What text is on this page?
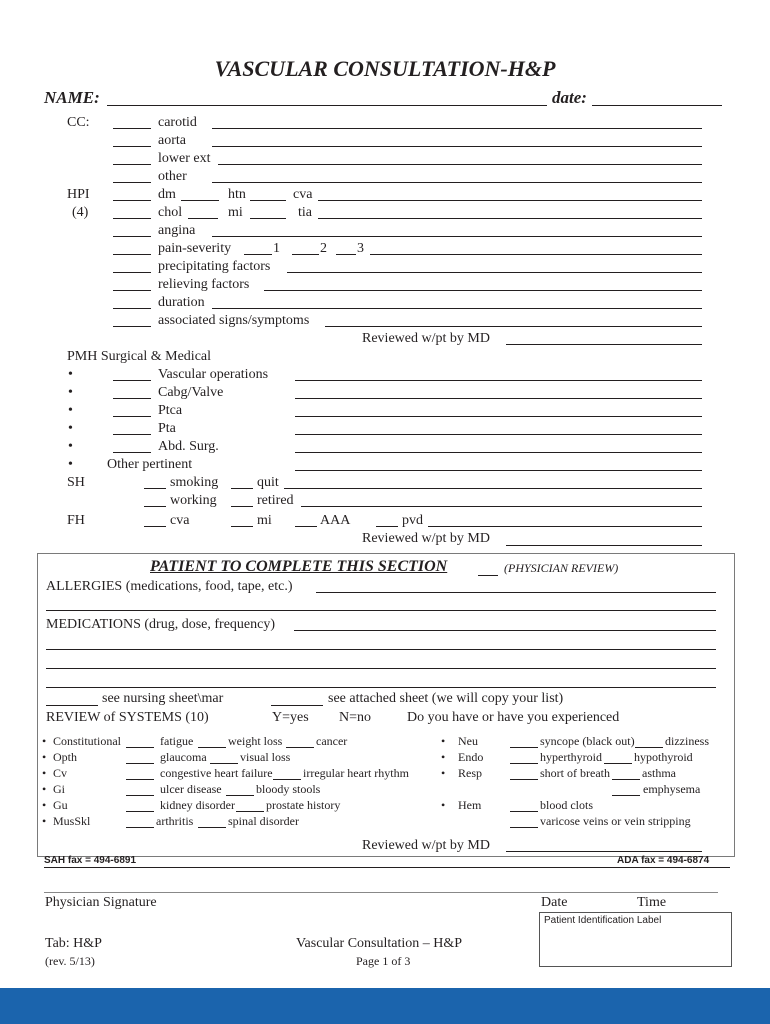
VASCULAR CONSULTATION-H&P
NAME:	date:
CC:	carotid
aorta
lower ext
other
HPI
(4)
dm	htn	cva
chol	mi	tia
angina
pain-severity	1	2 3
precipitating factors
relieving factors
duration
associated signs/symptoms
Reviewed w/pt by MD
PMH Surgical & Medical
•	Vascular operations
•	Cabg/Valve
•	Ptca
•	Pta
•	Abd. Surg.
• Other pertinent
SH	smoking	quit
working	retired
FH	cva	mi	AAA	pvd
Reviewed w/pt by MD
PATIENT TO COMPLETE THIS SECTION	(PHYSICIAN REVIEW)
ALLERGIES (medications, food, tape, etc.)
MEDICATIONS (drug, dose, frequency)
see nursing sheet\mar	see attached sheet (we will copy your list)
REVIEW of SYSTEMS (10)	Y=yes N=no	Do you have or have you experienced
• Constitutional	fatigue	weight loss	cancer
• Opth	glaucoma	visual loss
• Cv	congestive heart failure	irregular heart rhythm
• Gi	ulcer disease	bloody stools
• Gu	kidney disorder	prostate history
• MusSkl	arthritis	spinal disorder
• Neu	syncope (black out)	dizziness
• Endo	hyperthyroid	hypothyroid
• Resp	short of breath	asthma
emphysema
• Hem	blood clots
varicose veins or vein stripping
Reviewed w/pt by MD
SAH fax = 494-6891	ADA fax = 494-6874
Physician Signature	Date	Time
Patient Identification Label
Tab: H&P
(rev. 5/13)
Vascular Consultation – H&P
Page 1 of 3
